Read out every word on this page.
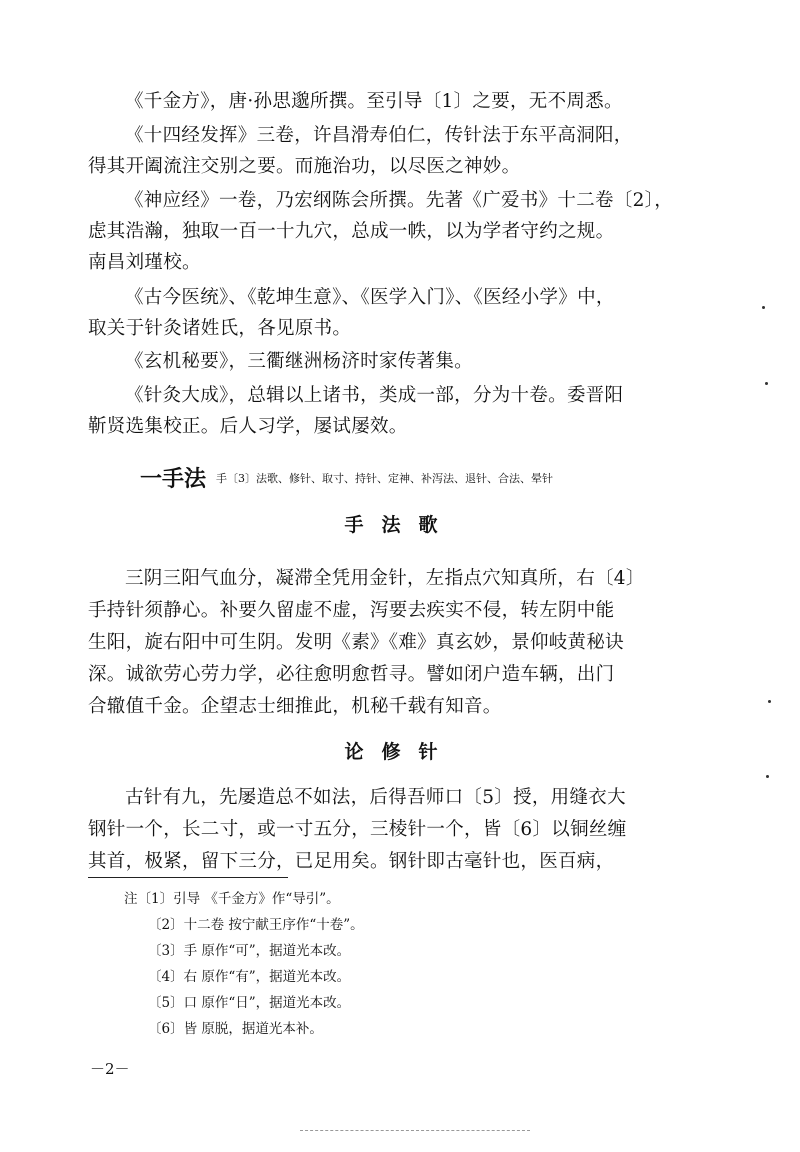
《千金方》，唐·孙思邈所撰。至引导〔1〕之要，无不周悉。
《十四经发挥》三卷，许昌滑寿伯仁，传针法于东平高洞阳，
得其开阖流注交别之要。而施治功，以尽医之神妙。
《神应经》一卷，乃宏纲陈会所撰。先著《广爱书》十二卷〔2〕，
虑其浩瀚，独取一百一十九穴，总成一帙，以为学者守约之规。
南昌刘瑾校。
《古今医统》、《乾坤生意》、《医学入门》、《医经小学》中，
取关于针灸诸姓氏，各见原书。
《玄机秘要》，三衢继洲杨济时家传著集。
《针灸大成》，总辑以上诸书，类成一部，分为十卷。委晋阳
靳贤选集校正。后人习学，屡试屡效。
一手法 手〔3〕法歌、修针、取寸、持针、定神、补泻法、退针、合法、晕针
手法歌
三阴三阳气血分，凝滞全凭用金针，左指点穴知真所，右〔4〕
手持针须静心。补要久留虚不虚，泻要去疾实不侵，转左阴中能
生阳，旋右阳中可生阴。发明《素》《难》真玄妙，景仰岐黄秘诀
深。诚欲劳心劳力学，必往愈明愈哲寻。譬如闭户造车辆，出门
合辙值千金。企望志士细推此，机秘千载有知音。
论修针
古针有九，先屡造总不如法，后得吾师口〔5〕授，用缝衣大
钢针一个，长二寸，或一寸五分，三棱针一个，皆〔6〕以铜丝缠
其首，极紧，留下三分，已足用矣。钢针即古毫针也，医百病，
注〔1〕引导 《千金方》作“导引”。
〔2〕十二卷 按宁献王序作“十卷”。
〔3〕手 原作“可”，据道光本改。
〔4〕右 原作“有”，据道光本改。
〔5〕口 原作“日”，据道光本改。
〔6〕皆 原脱，据道光本补。
－2－
